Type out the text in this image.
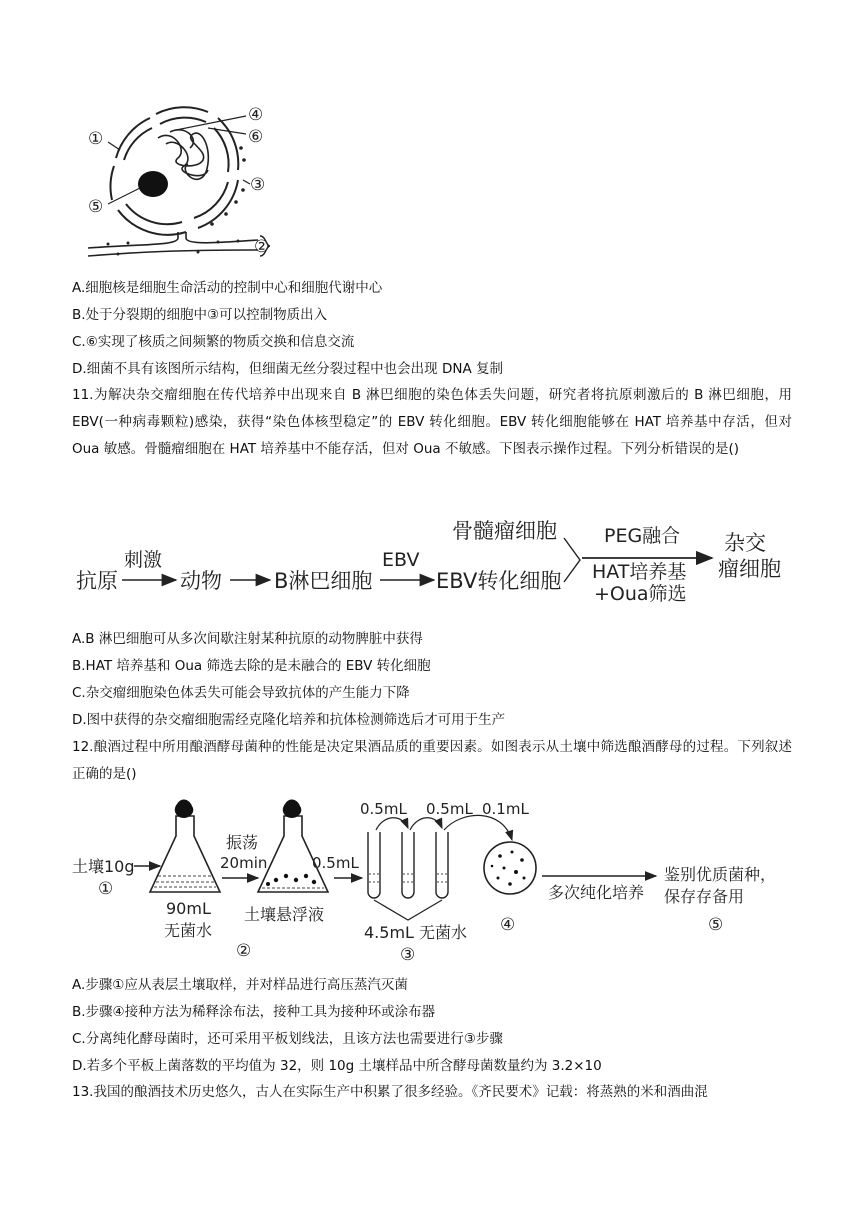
④
⑥
①
③
⑤
②
A.细胞核是细胞生命活动的控制中心和细胞代谢中心
B.处于分裂期的细胞中③可以控制物质出入
C.⑥实现了核质之间频繁的物质交换和信息交流
D.细菌不具有该图所示结构，但细菌无丝分裂过程中也会出现 DNA 复制
11.为解决杂交瘤细胞在传代培养中出现来自 B 淋巴细胞的染色体丢失问题，研究者将抗原刺激后的 B 淋巴细胞，用 EBV(一种病毒颗粒)感染，获得“染色体核型稳定”的 EBV 转化细胞。EBV 转化细胞能够在 HAT 培养基中存活，但对 Oua 敏感。骨髓瘤细胞在 HAT 培养基中不能存活，但对 Oua 不敏感。下图表示操作过程。下列分析错误的是()
抗原
刺激
动物 B淋巴细胞
EBV
EBV转化细胞
骨髓瘤细胞 PEG融合
HAT培养基
+Oua筛选
杂交
瘤细胞
A.B 淋巴细胞可从多次间歇注射某种抗原的动物脾脏中获得
B.HAT 培养基和 Oua 筛选去除的是未融合的 EBV 转化细胞
C.杂交瘤细胞染色体丢失可能会导致抗体的产生能力下降
D.图中获得的杂交瘤细胞需经克隆化培养和抗体检测筛选后才可用于生产
12.酿酒过程中所用酿酒酵母菌种的性能是决定果酒品质的重要因素。如图表示从土壤中筛选酿酒酵母的过程。下列叙述正确的是()
土壤10g
①
90mL
无菌水
振荡
20min
土壤悬浮液
②
0.5mL
0.5mL 0.5mL 0.1mL
4.5mL 无菌水
③
④
多次纯化培养
鉴别优质菌种，
保存存备用
⑤
A.步骤①应从表层土壤取样，并对样品进行高压蒸汽灭菌
B.步骤④接种方法为稀释涂布法，接种工具为接种环或涂布器
C.分离纯化酵母菌时，还可采用平板划线法，且该方法也需要进行③步骤
D.若多个平板上菌落数的平均值为 32，则 10g 土壤样品中所含酵母菌数量约为 3.2×10
13.我国的酿酒技术历史悠久，古人在实际生产中积累了很多经验。《齐民要术》记载：将蒸熟的米和酒曲混
